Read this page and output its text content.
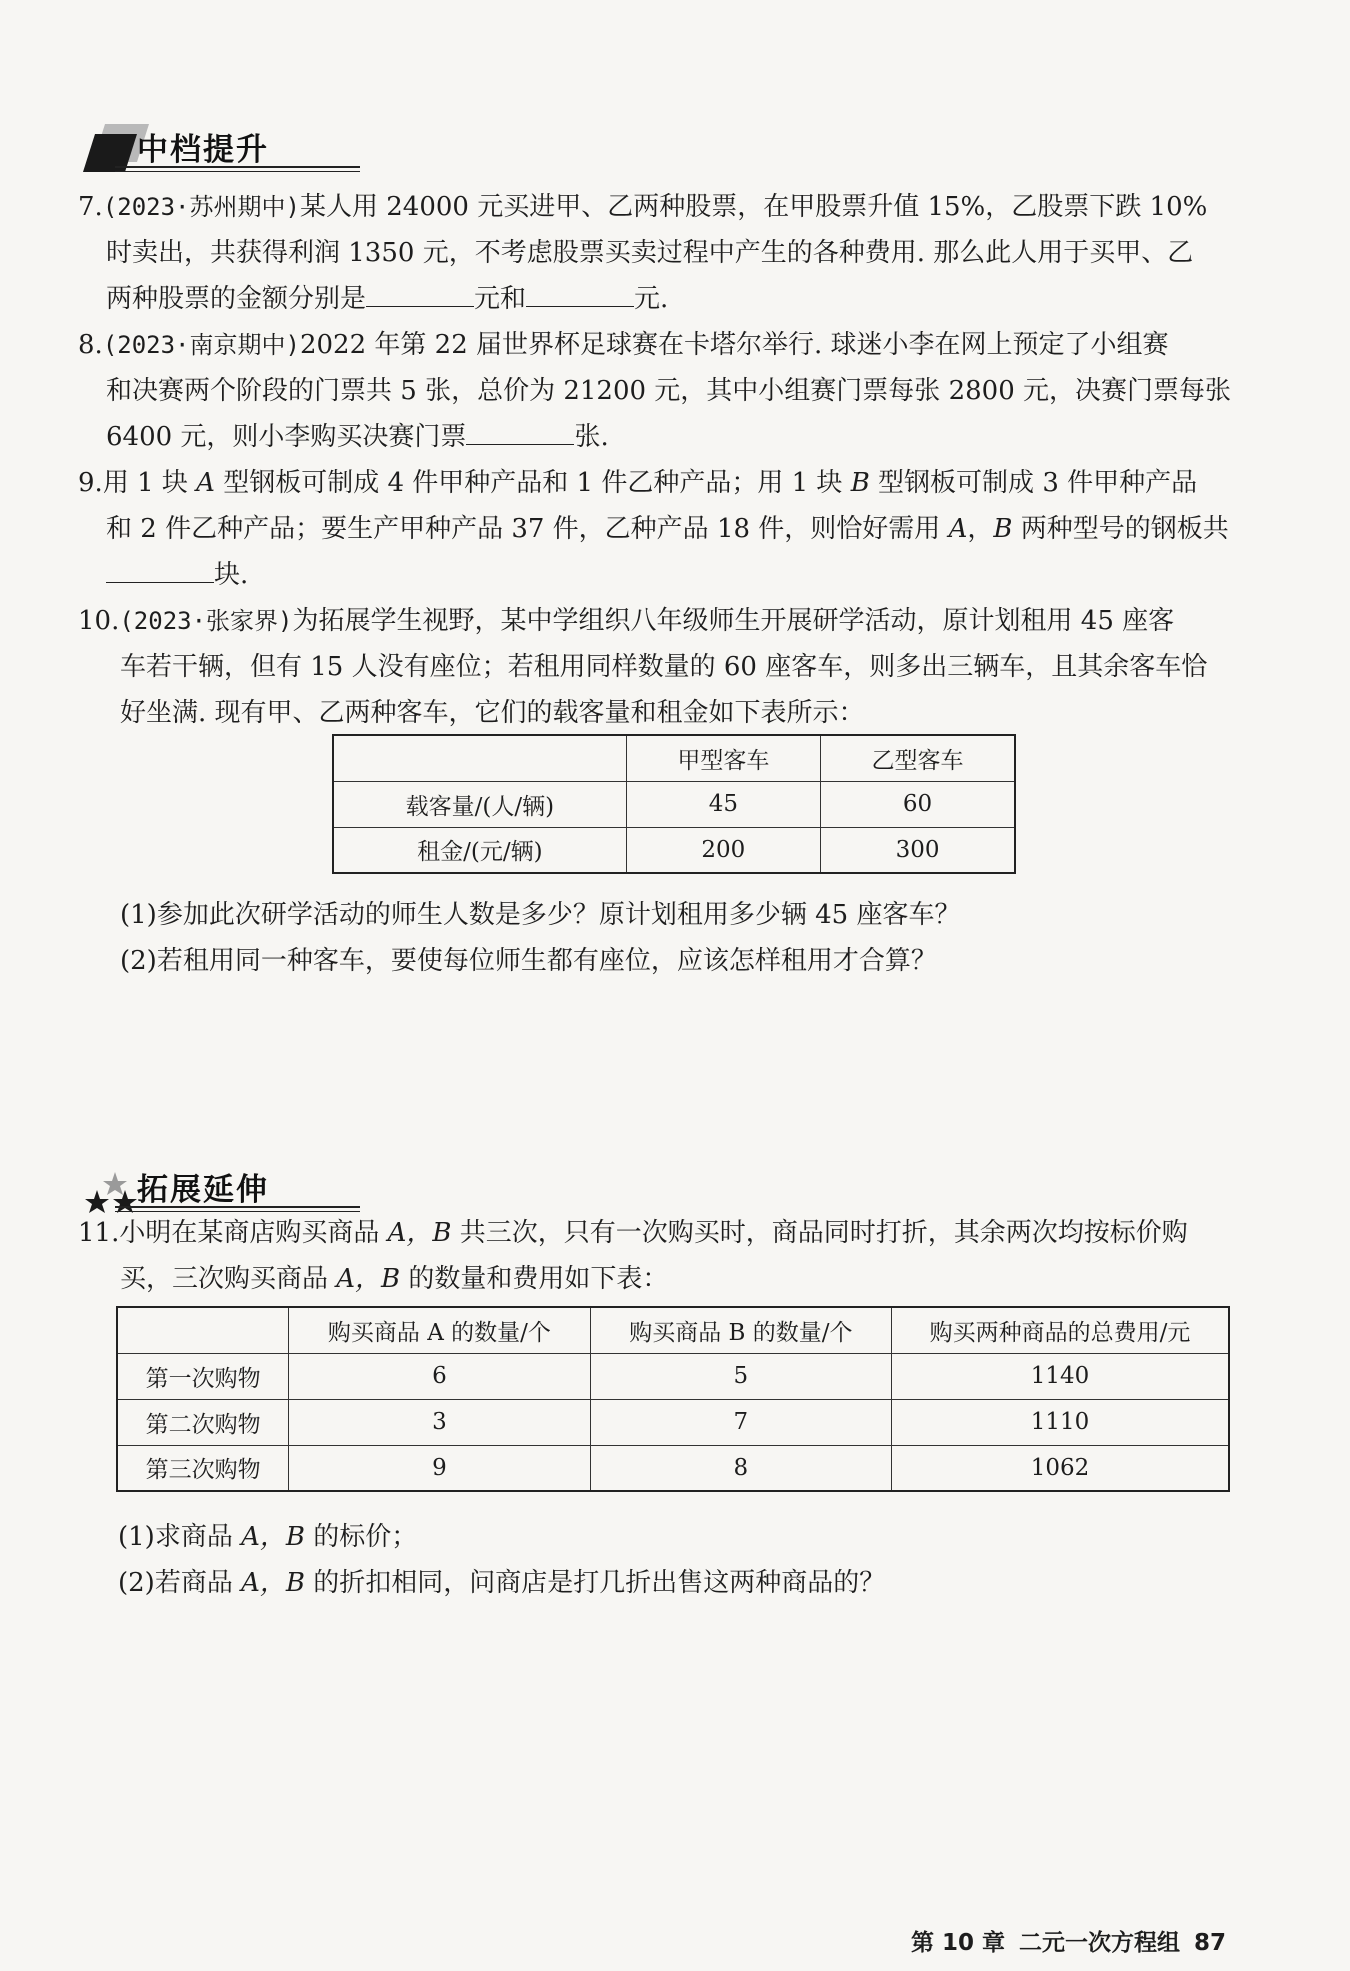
中档提升
7.(2023·苏州期中)某人用 24000 元买进甲、乙两种股票，在甲股票升值 15%，乙股票下跌 10%
时卖出，共获得利润 1350 元，不考虑股票买卖过程中产生的各种费用. 那么此人用于买甲、乙
两种股票的金额分别是	元和	元.
8.(2023·南京期中)2022 年第 22 届世界杯足球赛在卡塔尔举行. 球迷小李在网上预定了小组赛
和决赛两个阶段的门票共 5 张，总价为 21200 元，其中小组赛门票每张 2800 元，决赛门票每张
6400 元，则小李购买决赛门票	张.
9.用 1 块 A 型钢板可制成 4 件甲种产品和 1 件乙种产品；用 1 块 B 型钢板可制成 3 件甲种产品
和 2 件乙种产品；要生产甲种产品 37 件，乙种产品 18 件，则恰好需用 A，B 两种型号的钢板共
块.
10.(2023·张家界)为拓展学生视野，某中学组织八年级师生开展研学活动，原计划租用 45 座客
车若干辆，但有 15 人没有座位；若租用同样数量的 60 座客车，则多出三辆车，且其余客车恰
好坐满. 现有甲、乙两种客车，它们的载客量和租金如下表所示：
	甲型客车	乙型客车
载客量/(人/辆)	45	60
租金/(元/辆)	200	300
(1)参加此次研学活动的师生人数是多少？原计划租用多少辆 45 座客车？
(2)若租用同一种客车，要使每位师生都有座位，应该怎样租用才合算？
拓展延伸
11.小明在某商店购买商品 A，B 共三次，只有一次购买时，商品同时打折，其余两次均按标价购
买，三次购买商品 A，B 的数量和费用如下表：
	购买商品 A 的数量/个	购买商品 B 的数量/个	购买两种商品的总费用/元
第一次购物	6	5	1140
第二次购物	3	7	1110
第三次购物	9	8	1062
(1)求商品 A，B 的标价；
(2)若商品 A，B 的折扣相同，问商店是打几折出售这两种商品的？
第 10 章 二元一次方程组 87
